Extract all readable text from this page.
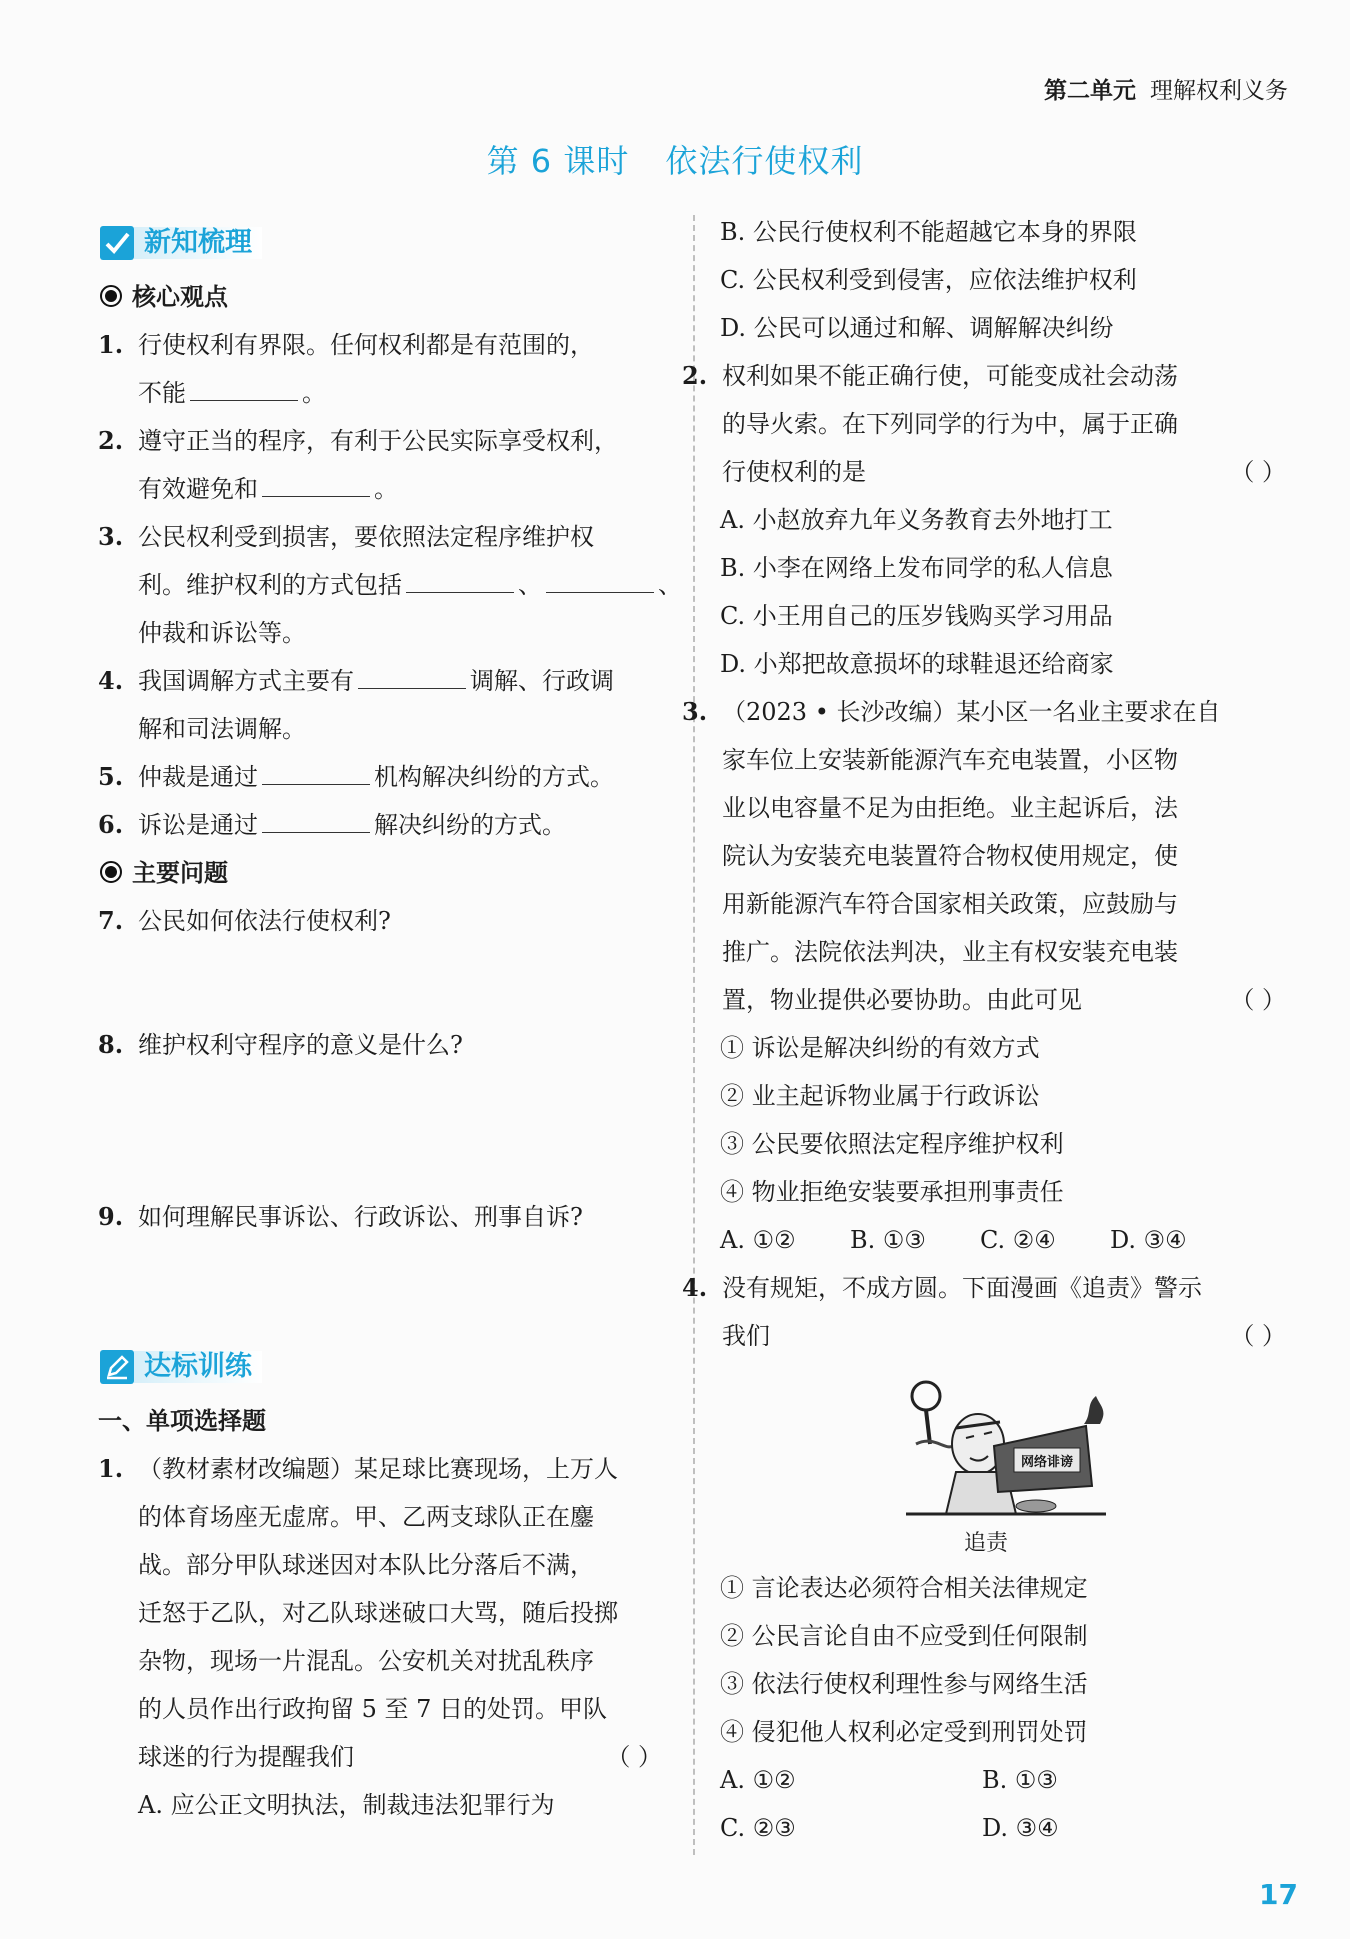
第二单元 理解权利义务
第 6 课时 依法行使权利
新知梳理
核心观点
1. 行使权利有界限。任何权利都是有范围的，
不能	。
2. 遵守正当的程序，有利于公民实际享受权利，
有效避免和	。
3. 公民权利受到损害，要依照法定程序维护权
利。维护权利的方式包括	、	、
仲裁和诉讼等。
4. 我国调解方式主要有	调解、行政调
解和司法调解。
5. 仲裁是通过	机构解决纠纷的方式。
6. 诉讼是通过	解决纠纷的方式。
主要问题
7. 公民如何依法行使权利?
8. 维护权利守程序的意义是什么?
9. 如何理解民事诉讼、行政诉讼、刑事自诉?
达标训练
一、单项选择题
1. （教材素材改编题）某足球比赛现场，上万人
的体育场座无虚席。甲、乙两支球队正在鏖
战。部分甲队球迷因对本队比分落后不满，
迁怒于乙队，对乙队球迷破口大骂，随后投掷
杂物，现场一片混乱。公安机关对扰乱秩序
的人员作出行政拘留 5 至 7 日的处罚。甲队
球迷的行为提醒我们	（ ）
A. 应公正文明执法，制裁违法犯罪行为
B. 公民行使权利不能超越它本身的界限
C. 公民权利受到侵害，应依法维护权利
D. 公民可以通过和解、调解解决纠纷
2. 权利如果不能正确行使，可能变成社会动荡
的导火索。在下列同学的行为中，属于正确
行使权利的是	（ ）
A. 小赵放弃九年义务教育去外地打工
B. 小李在网络上发布同学的私人信息
C. 小王用自己的压岁钱购买学习用品
D. 小郑把故意损坏的球鞋退还给商家
3. （2023 • 长沙改编）某小区一名业主要求在自
家车位上安装新能源汽车充电装置，小区物
业以电容量不足为由拒绝。业主起诉后，法
院认为安装充电装置符合物权使用规定，使
用新能源汽车符合国家相关政策，应鼓励与
推广。法院依法判决，业主有权安装充电装
置，物业提供必要协助。由此可见	（ ）
① 诉讼是解决纠纷的有效方式
② 业主起诉物业属于行政诉讼
③ 公民要依照法定程序维护权利
④ 物业拒绝安装要承担刑事责任
A. ①② B. ①③ C. ②④ D. ③④
4. 没有规矩，不成方圆。下面漫画《追责》警示
我们	（ ）
网络诽谤
追责
① 言论表达必须符合相关法律规定
② 公民言论自由不应受到任何限制
③ 依法行使权利理性参与网络生活
④ 侵犯他人权利必定受到刑罚处罚
A. ①②	B. ①③
C. ②③	D. ③④
17
